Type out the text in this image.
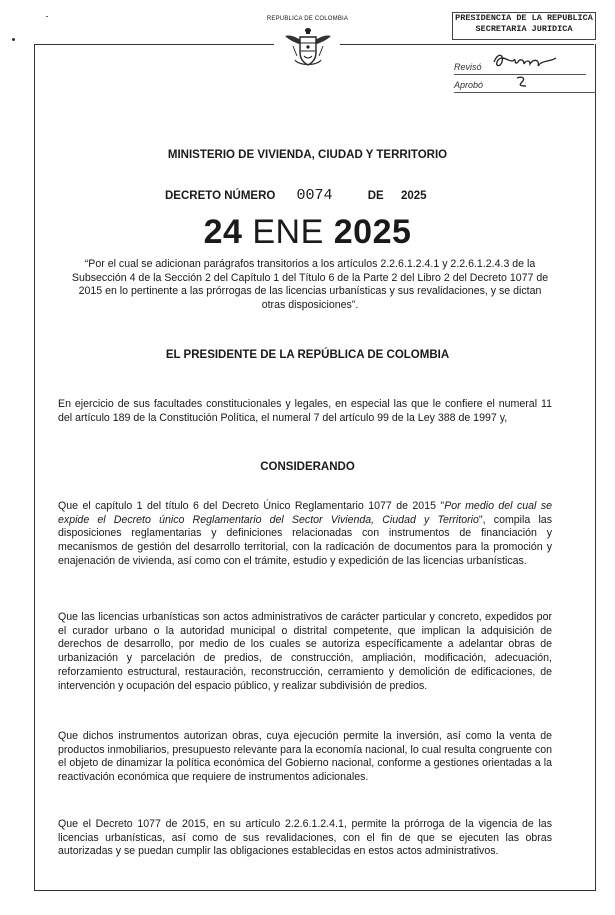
REPUBLICA DE COLOMBIA	PRESIDENCIA DE LA REPUBLICA
SECRETARIA JURIDICA
Revisó
Aprobó
MINISTERIO DE VIVIENDA, CIUDAD Y TERRITORIO
DECRETO NÚMERO 0074	DE 2025
24 ENE 2025
“Por el cual se adicionan parágrafos transitorios a los artículos 2.2.6.1.2.4.1 y 2.2.6.1.2.4.3 de la Subsección 4 de la Sección 2 del Capítulo 1 del Título 6 de la Parte 2 del Libro 2 del Decreto 1077 de 2015 en lo pertinente a las prórrogas de las licencias urbanísticas y sus revalidaciones, y se dictan otras disposiciones”.
EL PRESIDENTE DE LA REPÚBLICA DE COLOMBIA
En ejercicio de sus facultades constitucionales y legales, en especial las que le confiere el numeral 11 del artículo 189 de la Constitución Política, el numeral 7 del artículo 99 de la Ley 388 de 1997 y,
CONSIDERANDO
Que el capítulo 1 del título 6 del Decreto Único Reglamentario 1077 de 2015 "Por medio del cual se expide el Decreto único Reglamentario del Sector Vivienda, Ciudad y Territorio", compila las disposiciones reglamentarias y definiciones relacionadas con instrumentos de financiación y mecanismos de gestión del desarrollo territorial, con la radicación de documentos para la promoción y enajenación de vivienda, así como con el trámite, estudio y expedición de las licencias urbanísticas.
Que las licencias urbanísticas son actos administrativos de carácter particular y concreto, expedidos por el curador urbano o la autoridad municipal o distrital competente, que implican la adquisición de derechos de desarrollo, por medio de los cuales se autoriza específicamente a adelantar obras de urbanización y parcelación de predios, de construcción, ampliación, modificación, adecuación, reforzamiento estructural, restauración, reconstrucción, cerramiento y demolición de edificaciones, de intervención y ocupación del espacio público, y realizar subdivisión de predios.
Que dichos instrumentos autorizan obras, cuya ejecución permite la inversión, así como la venta de productos inmobiliarios, presupuesto relevante para la economía nacional, lo cual resulta congruente con el objeto de dinamizar la política económica del Gobierno nacional, conforme a gestiones orientadas a la reactivación económica que requiere de instrumentos adicionales.
Que el Decreto 1077 de 2015, en su artículo 2.2.6.1.2.4.1, permite la prórroga de la vigencia de las licencias urbanísticas, así como de sus revalidaciones, con el fin de que se ejecuten las obras autorizadas y se puedan cumplir las obligaciones establecidas en estos actos administrativos.
